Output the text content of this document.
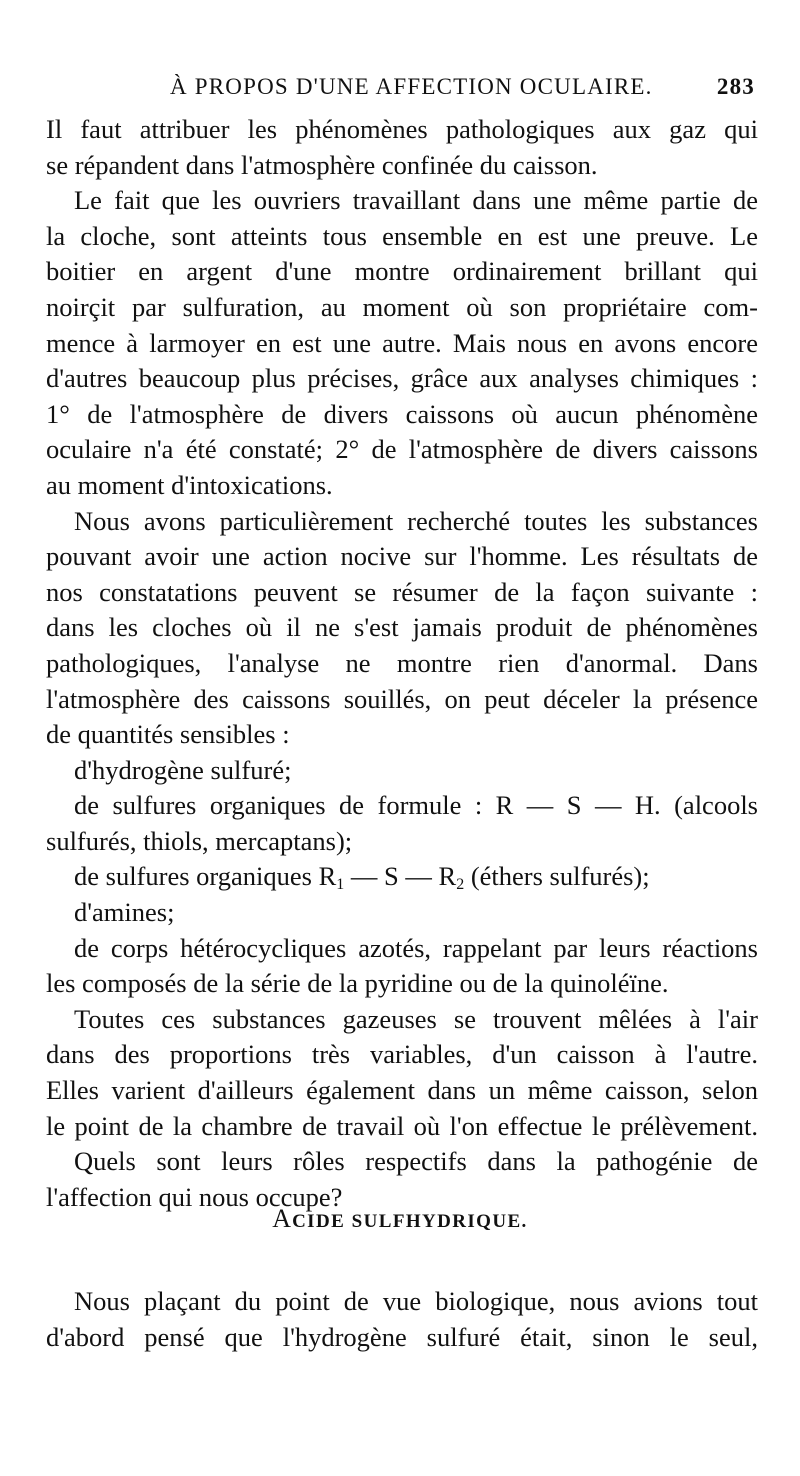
À PROPOS D'UNE AFFECTION OCULAIRE.	283
Il faut attribuer les phénomènes pathologiques aux gaz qui
se répandent dans l'atmosphère confinée du caisson.
Le fait que les ouvriers travaillant dans une même partie de
la cloche, sont atteints tous ensemble en est une preuve. Le
boitier en argent d'une montre ordinairement brillant qui
noirçit par sulfuration, au moment où son propriétaire com-
mence à larmoyer en est une autre. Mais nous en avons encore
d'autres beaucoup plus précises, grâce aux analyses chimiques :
1° de l'atmosphère de divers caissons où aucun phénomène
oculaire n'a été constaté; 2° de l'atmosphère de divers caissons
au moment d'intoxications.
Nous avons particulièrement recherché toutes les substances
pouvant avoir une action nocive sur l'homme. Les résultats de
nos constatations peuvent se résumer de la façon suivante :
dans les cloches où il ne s'est jamais produit de phénomènes
pathologiques, l'analyse ne montre rien d'anormal. Dans
l'atmosphère des caissons souillés, on peut déceler la présence
de quantités sensibles :
d'hydrogène sulfuré;
de sulfures organiques de formule : R — S — H. (alcools
sulfurés, thiols, mercaptans);
de sulfures organiques $R_1$ — S — $R_2$ (éthers sulfurés);
d'amines;
de corps hétérocycliques azotés, rappelant par leurs réactions
les composés de la série de la pyridine ou de la quinoléïne.
Toutes ces substances gazeuses se trouvent mêlées à l'air
dans des proportions très variables, d'un caisson à l'autre.
Elles varient d'ailleurs également dans un même caisson, selon
le point de la chambre de travail où l'on effectue le prélèvement.
Quels sont leurs rôles respectifs dans la pathogénie de
l'affection qui nous occupe?
ACIDE SULFHYDRIQUE.
Nous plaçant du point de vue biologique, nous avions tout
d'abord pensé que l'hydrogène sulfuré était, sinon le seul,
